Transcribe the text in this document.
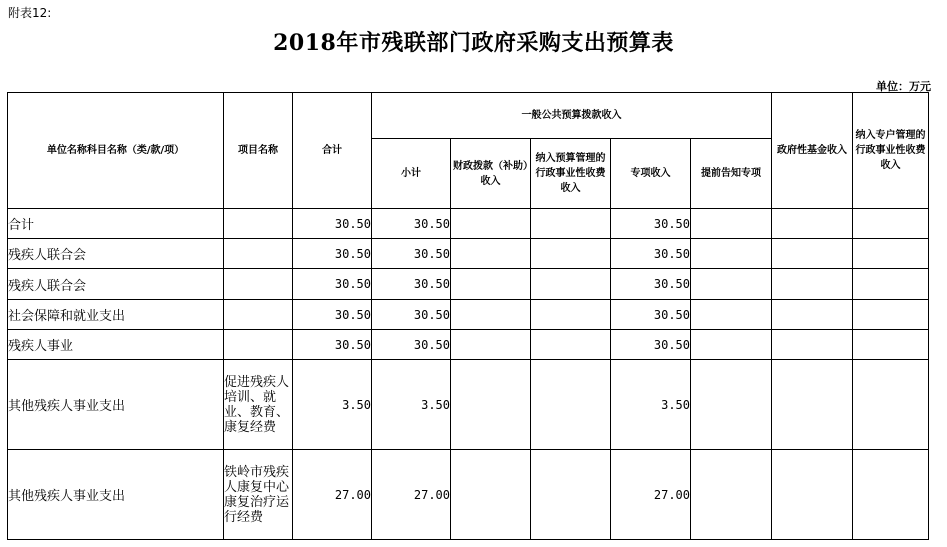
附表12:
2018年市残联部门政府采购支出预算表
单位：万元
单位名称科目名称（类/款/项）	项目名称	合计	一般公共预算拨款收入					政府性基金收入	纳入专户管理的行政事业性收费收入
			小计	财政拨款（补助）收入	纳入预算管理的行政事业性收费收入	专项收入	提前告知专项		
合计		30.50	30.50			30.50			
残疾人联合会		30.50	30.50			30.50			
残疾人联合会		30.50	30.50			30.50			
社会保障和就业支出		30.50	30.50			30.50			
残疾人事业		30.50	30.50			30.50			
其他残疾人事业支出	促进残疾人培训、就业、教育、康复经费	3.50	3.50			3.50			
其他残疾人事业支出	铁岭市残疾人康复中心康复治疗运行经费	27.00	27.00			27.00			
